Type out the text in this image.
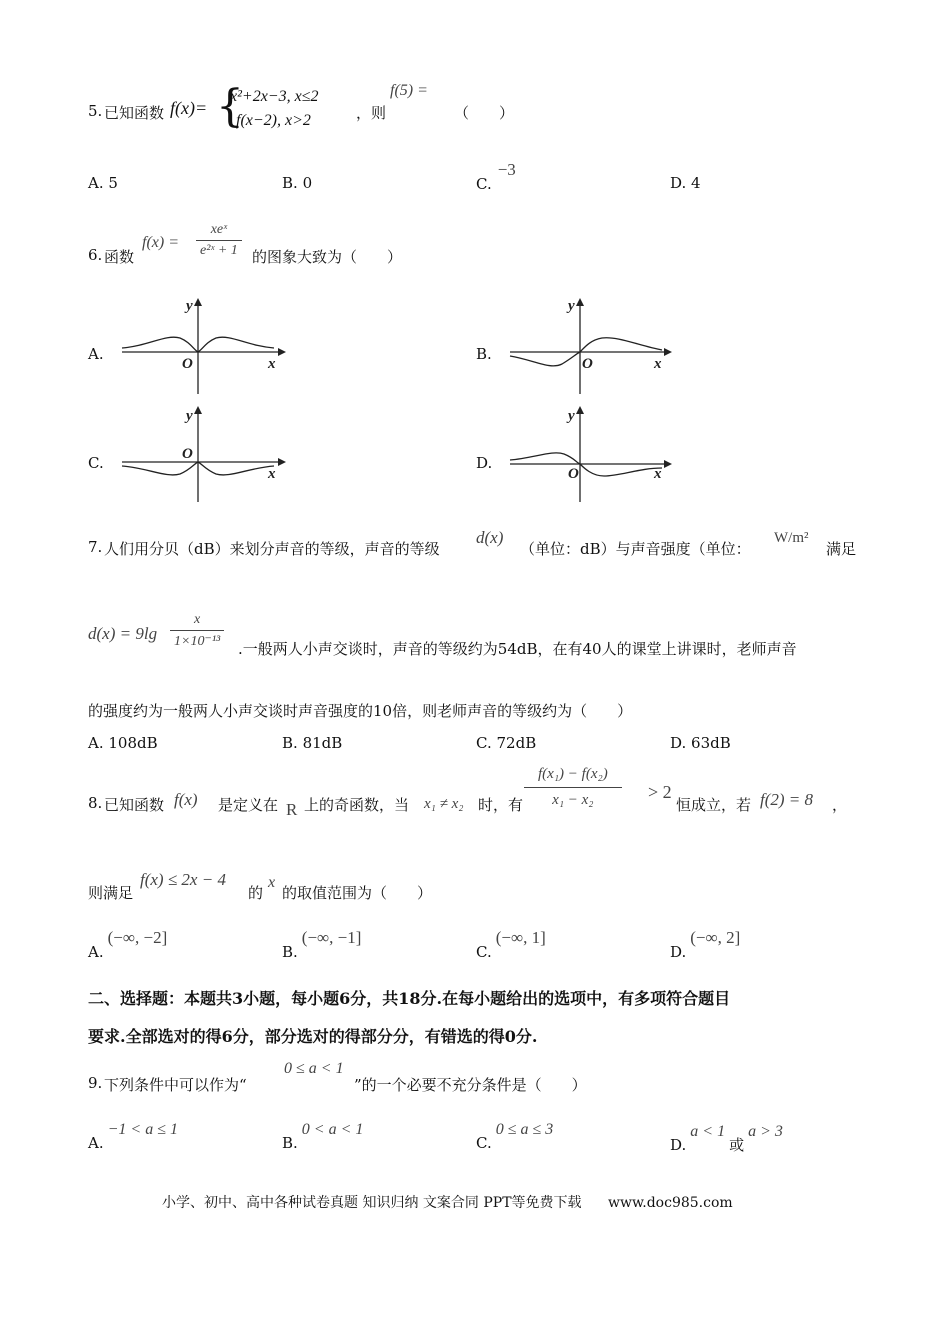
5. 已知函数 f(x)= {
x²+2x−3, x≤2
f(x−2), x>2	，则
f(5) =
（　　）
A. 5	B. 0	C.−3
D. 4
6. 函数
f(x) =
xeˣ
e²ˣ + 1 的图象大致为（　　）
A.
y
O	x
B.
y
O	x
C.
y
O
x
D.
y
O	x
7. 人们用分贝（dB）来划分声音的等级，声音的等级
d(x)
（单位：dB）与声音强度（单位：
W/m²
满足
$d(x) = 9\lg \frac{x}{\text{1×10⁻¹³}}$ .一般两人小声交谈时，声音的等级约为54dB，在有40人的课堂上讲课时，老师声音
的强度约为一般两人小声交谈时声音强度的10倍，则老师声音的等级约为（　　）
A. 108dB	B. 81dB	C. 72dB	D. 63dB
8. 已知函数 f(x) 是定义在 R 上的奇函数，当 x₁ ≠ x₂ 时，有 $\frac{\text{f(x₁) − f(x₂)}}{\text{x₁ − x₂}} > 2$
恒成立，若 f(2) = 8 ，
则满足
f(x) ≤ 2x − 4
的
x
的取值范围为（　　）
A.(−∞, −2]
B.(−∞, −1]
C.(−∞, 1]
D.(−∞, 2]
二、选择题：本题共3小题，每小题6分，共18分.在每小题给出的选项中，有多项符合题目
要求.全部选对的得6分，部分选对的得部分分，有错选的得0分.
9. 下列条件中可以作为“
0 ≤ a < 1
”的一个必要不充分条件是（　　）
A.−1 < a ≤ 1
B.0 < a < 1
C.0 ≤ a ≤ 3
D.a < 1或a > 3
小学、初中、高中各种试卷真题 知识归纳 文案合同 PPT等免费下载 www.doc985.com
